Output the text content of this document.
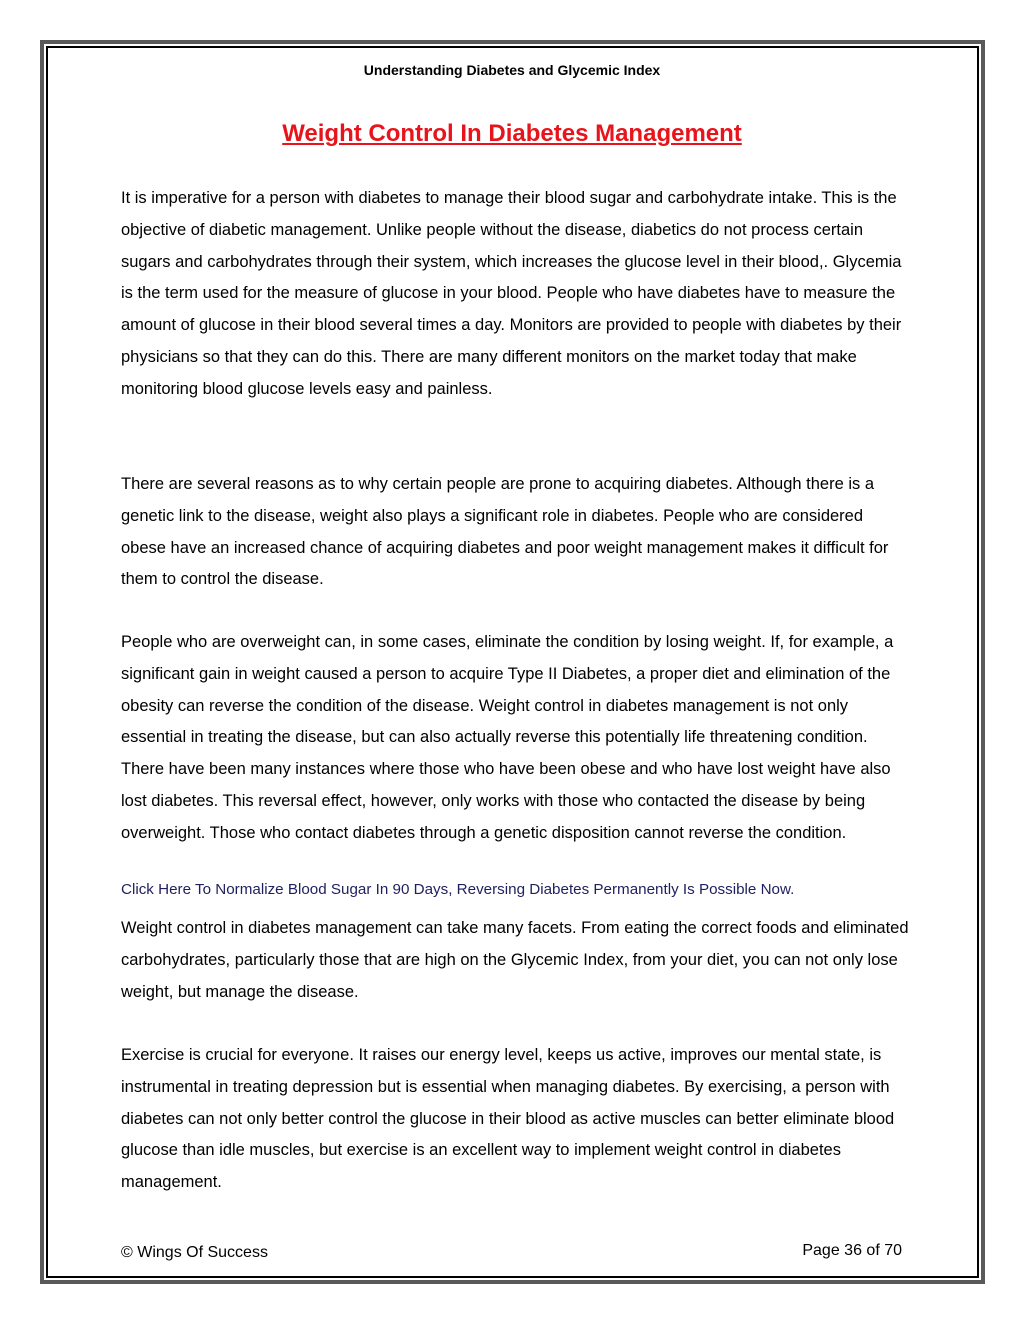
Understanding Diabetes and Glycemic Index
Weight Control In Diabetes Management

It is imperative for a person with diabetes to manage their blood sugar and carbohydrate intake. This is the objective of diabetic management. Unlike people without the disease, diabetics do not process certain sugars and carbohydrates through their system, which increases the glucose level in their blood,. Glycemia is the term used for the measure of glucose in your blood. People who have diabetes have to measure the amount of glucose in their blood several times a day. Monitors are provided to people with diabetes by their physicians so that they can do this. There are many different monitors on the market today that make monitoring blood glucose levels easy and painless.

There are several reasons as to why certain people are prone to acquiring diabetes. Although there is a genetic link to the disease, weight also plays a significant role in diabetes. People who are considered obese have an increased chance of acquiring diabetes and poor weight management makes it difficult for them to control the disease.

People who are overweight can, in some cases, eliminate the condition by losing weight. If, for example, a significant gain in weight caused a person to acquire Type II Diabetes, a proper diet and elimination of the obesity can reverse the condition of the disease. Weight control in diabetes management is not only essential in treating the disease, but can also actually reverse this potentially life threatening condition. There have been many instances where those who have been obese and who have lost weight have also lost diabetes. This reversal effect, however, only works with those who contacted the disease by being overweight. Those who contact diabetes through a genetic disposition cannot reverse the condition.

Click Here To Normalize Blood Sugar In 90 Days, Reversing Diabetes Permanently Is Possible Now.

Weight control in diabetes management can take many facets. From eating the correct foods and eliminated carbohydrates, particularly those that are high on the Glycemic Index, from your diet, you can not only lose weight, but manage the disease.

Exercise is crucial for everyone. It raises our energy level, keeps us active, improves our mental state, is instrumental in treating depression but is essential when managing diabetes. By exercising, a person with diabetes can not only better control the glucose in their blood as active muscles can better eliminate blood glucose than idle muscles, but exercise is an excellent way to implement weight control in diabetes management.

© Wings Of Success	Page 36 of 70
